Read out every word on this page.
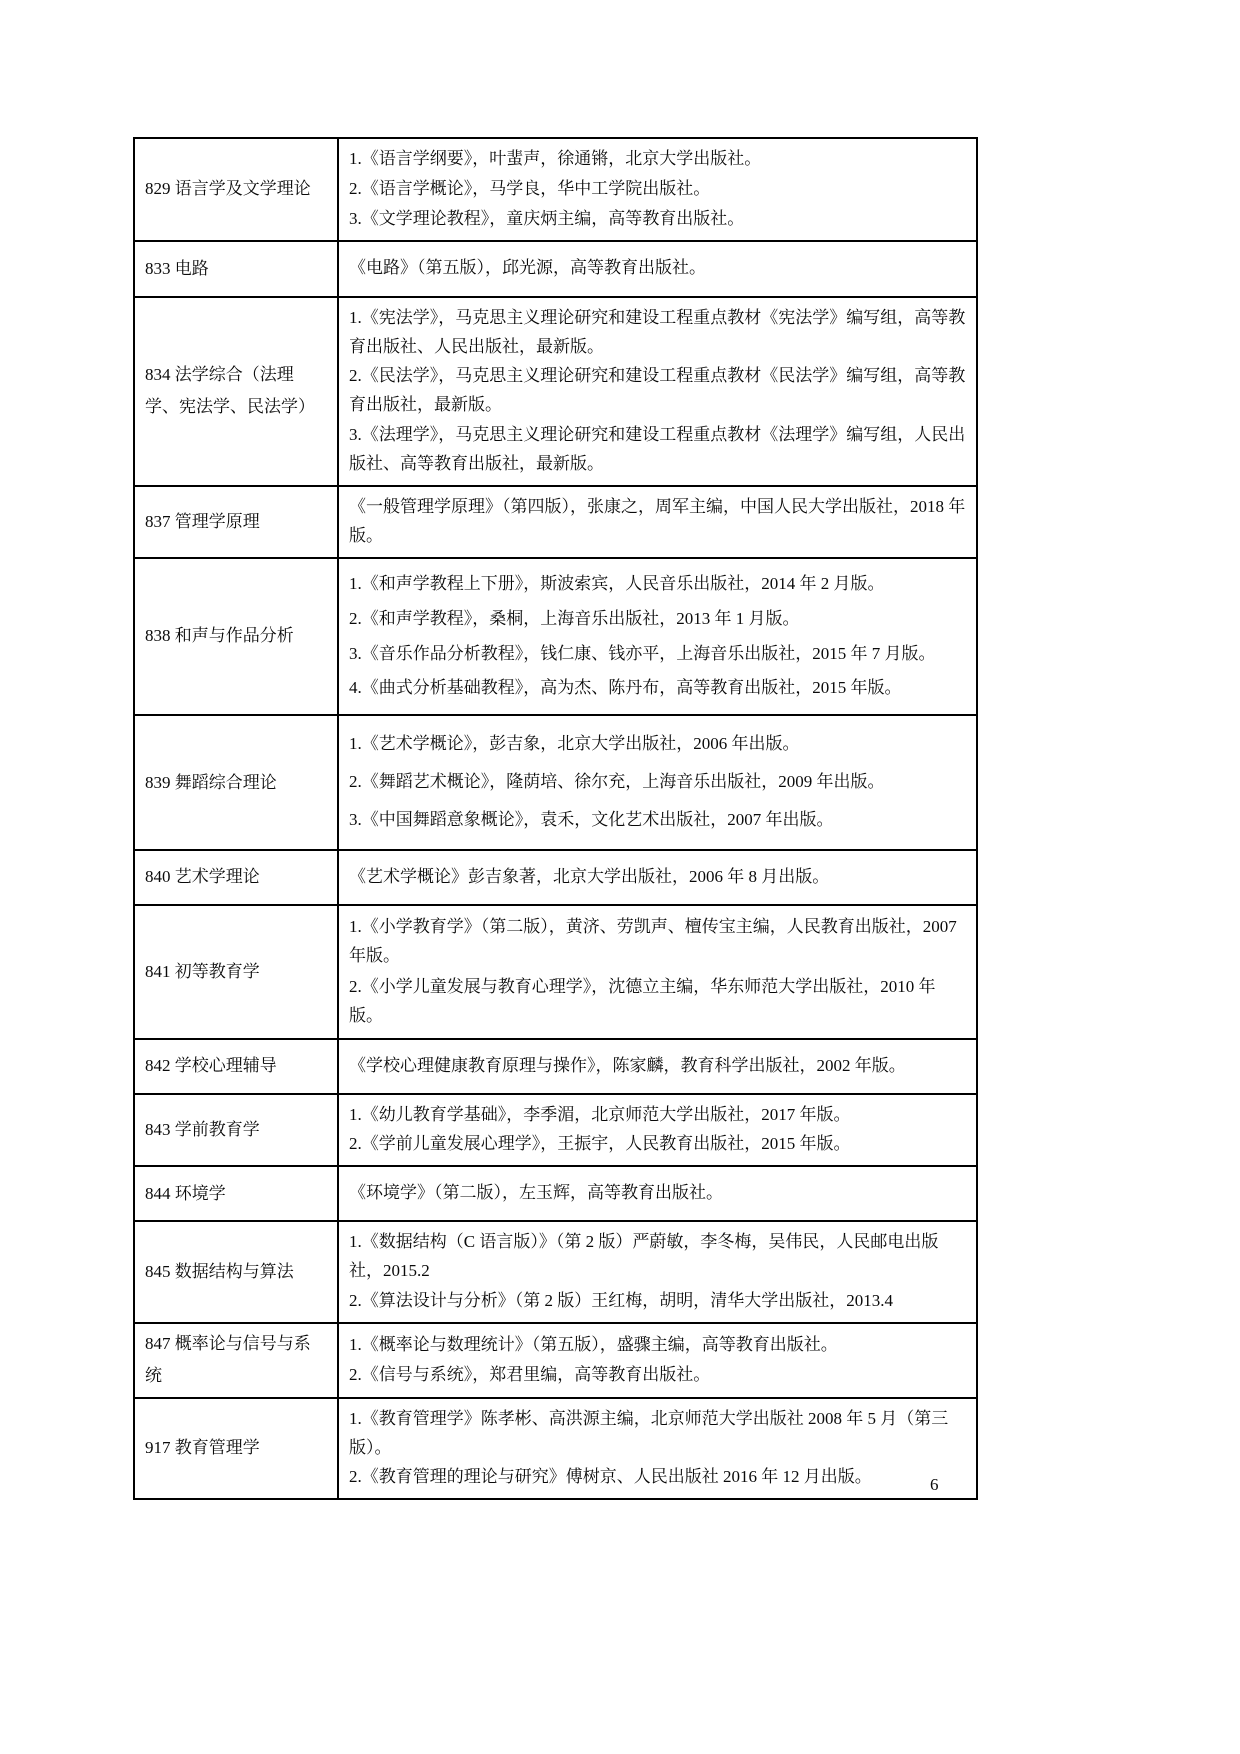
829 语言学及文学理论	1.《语言学纲要》，叶蜚声，徐通锵，北京大学出版社。
2.《语言学概论》，马学良，华中工学院出版社。
3.《文学理论教程》，童庆炳主编，高等教育出版社。

833 电路	《电路》（第五版），邱光源，高等教育出版社。

834 法学综合（法理学、宪法学、民法学）	1.《宪法学》，马克思主义理论研究和建设工程重点教材《宪法学》编写组，高等教育出版社、人民出版社，最新版。
2.《民法学》，马克思主义理论研究和建设工程重点教材《民法学》编写组，高等教育出版社，最新版。
3.《法理学》，马克思主义理论研究和建设工程重点教材《法理学》编写组，人民出版社、高等教育出版社，最新版。

837 管理学原理	《一般管理学原理》（第四版），张康之，周军主编，中国人民大学出版社，2018 年版。

838 和声与作品分析	1.《和声学教程上下册》，斯波索宾，人民音乐出版社，2014 年 2 月版。
2.《和声学教程》，桑桐，上海音乐出版社，2013 年 1 月版。
3.《音乐作品分析教程》，钱仁康、钱亦平，上海音乐出版社，2015 年 7 月版。
4.《曲式分析基础教程》，高为杰、陈丹布，高等教育出版社，2015 年版。

839 舞蹈综合理论	1.《艺术学概论》，彭吉象，北京大学出版社，2006 年出版。
2.《舞蹈艺术概论》，隆荫培、徐尔充，上海音乐出版社，2009 年出版。
3.《中国舞蹈意象概论》，袁禾，文化艺术出版社，2007 年出版。

840 艺术学理论	《艺术学概论》彭吉象著，北京大学出版社，2006 年 8 月出版。

841 初等教育学	1.《小学教育学》（第二版），黄济、劳凯声、檀传宝主编，人民教育出版社，2007 年版。
2.《小学儿童发展与教育心理学》，沈德立主编，华东师范大学出版社，2010 年版。

842 学校心理辅导	《学校心理健康教育原理与操作》，陈家麟，教育科学出版社，2002 年版。

843 学前教育学	1.《幼儿教育学基础》，李季湄，北京师范大学出版社，2017 年版。
2.《学前儿童发展心理学》，王振宇，人民教育出版社，2015 年版。

844 环境学	《环境学》（第二版），左玉辉，高等教育出版社。

845 数据结构与算法	1.《数据结构（C 语言版）》（第 2 版）严蔚敏，李冬梅，吴伟民，人民邮电出版社，2015.2
2.《算法设计与分析》（第 2 版）王红梅，胡明，清华大学出版社，2013.4

847 概率论与信号与系统	1.《概率论与数理统计》（第五版），盛骤主编，高等教育出版社。
2.《信号与系统》，郑君里编，高等教育出版社。

917 教育管理学	1.《教育管理学》陈孝彬、高洪源主编，北京师范大学出版社 2008 年 5 月（第三版）。
2.《教育管理的理论与研究》傅树京、人民出版社 2016 年 12 月出版。	6
